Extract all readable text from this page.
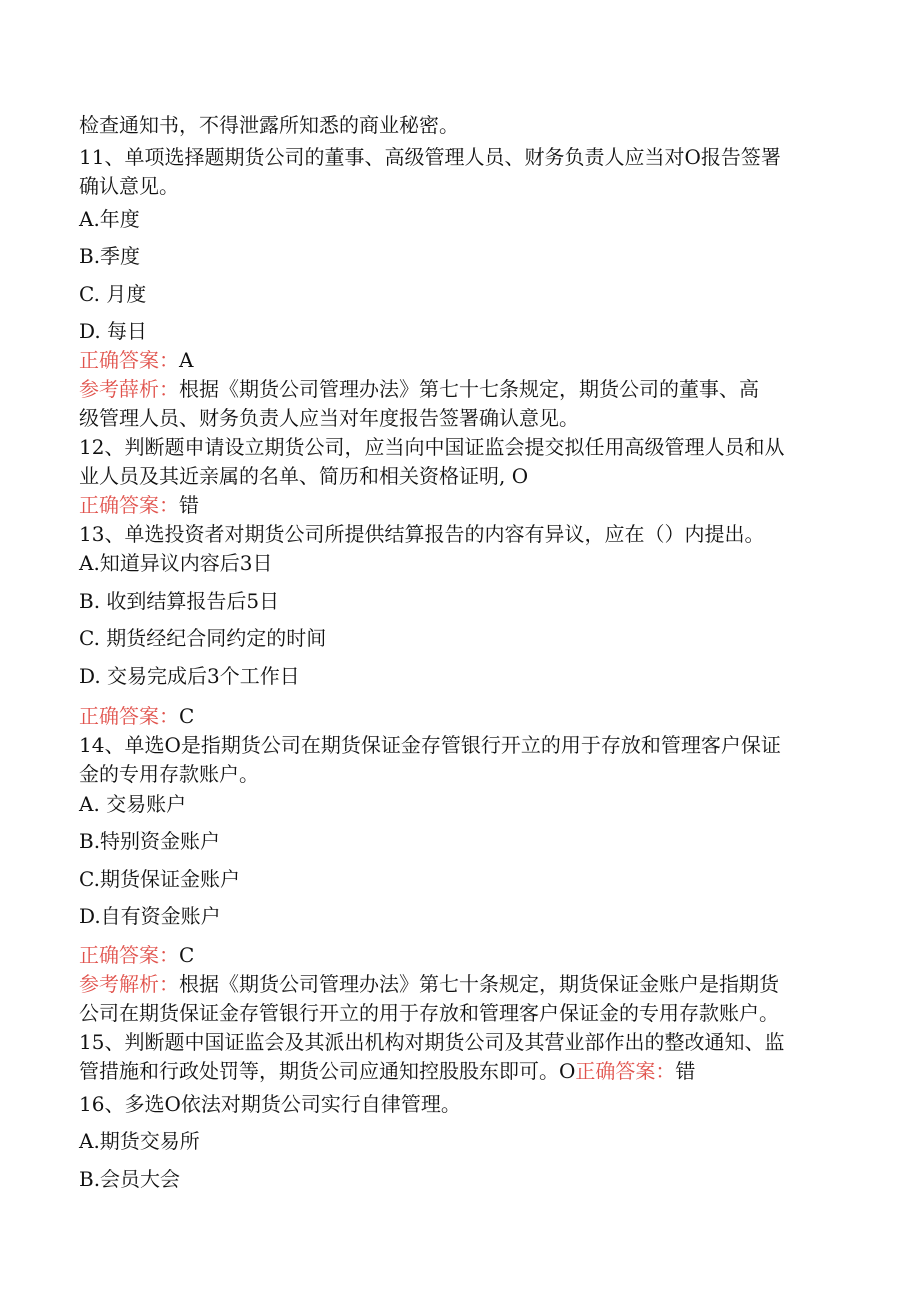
检查通知书，不得泄露所知悉的商业秘密。
11、单项选择题期货公司的董事、高级管理人员、财务负责人应当对O报告签署
确认意见。
A.年度
B.季度
C. 月度
D. 每日
正确答案：A
参考薛析：根据《期货公司管理办法》第七十七条规定，期货公司的董事、高
级管理人员、财务负责人应当对年度报告签署确认意见。
12、判断题申请设立期货公司，应当向中国证监会提交拟任用高级管理人员和从
业人员及其近亲属的名单、简历和相关资格证明, O
正确答案：错
13、单选投资者对期货公司所提供结算报告的内容有异议，应在（）内提出。
A.知道异议内容后3日
B. 收到结算报告后5日
C. 期货经纪合同约定的时间
D. 交易完成后3个工作日
正确答案：C
14、单选O是指期货公司在期货保证金存管银行开立的用于存放和管理客户保证
金的专用存款账户。
A. 交易账户
B.特别资金账户
C.期货保证金账户
D.自有资金账户
正确答案：C
参考解析：根据《期货公司管理办法》第七十条规定，期货保证金账户是指期货
公司在期货保证金存管银行开立的用于存放和管理客户保证金的专用存款账户。
15、判断题中国证监会及其派出机构对期货公司及其营业部作出的整改通知、监
管措施和行政处罚等，期货公司应通知控股股东即可。O正确答案：错
16、多选O依法对期货公司实行自律管理。
A.期货交易所
B.会员大会
